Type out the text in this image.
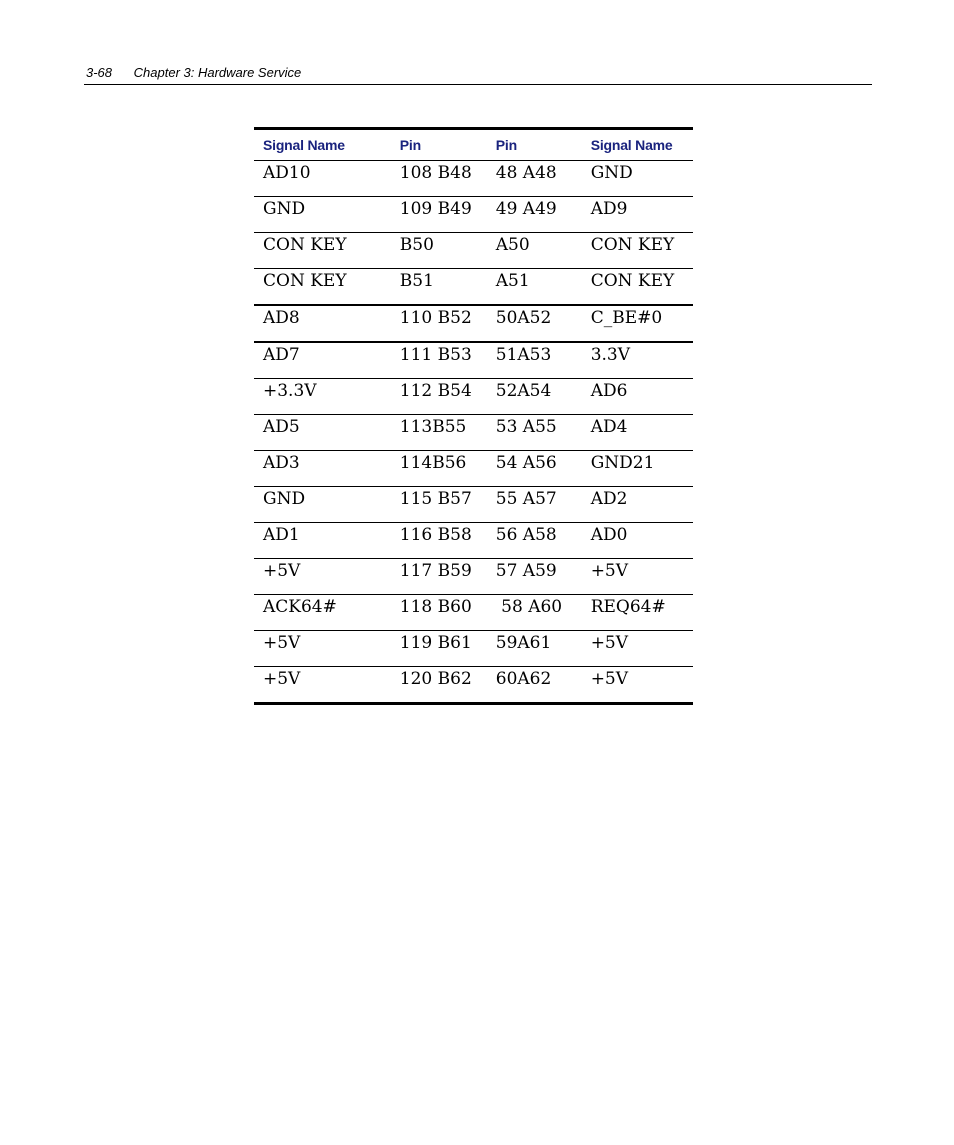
3-68 Chapter 3: Hardware Service
Signal Name	Pin	Pin	Signal Name
AD10	108 B48	48 A48	GND
GND	109 B49	49 A49	AD9
CON KEY	B50	A50	CON KEY
CON KEY	B51	A51	CON KEY
AD8	110 B52	50A52	C_BE#0
AD7	111 B53	51A53	3.3V
+3.3V	112 B54	52A54	AD6
AD5	113B55	53 A55	AD4
AD3	114B56	54 A56	GND21
GND	115 B57	55 A57	AD2
AD1	116 B58	56 A58	AD0
+5V	117 B59	57 A59	+5V
ACK64#	118 B60	58 A60	REQ64#
+5V	119 B61	59A61	+5V
+5V	120 B62	60A62	+5V
